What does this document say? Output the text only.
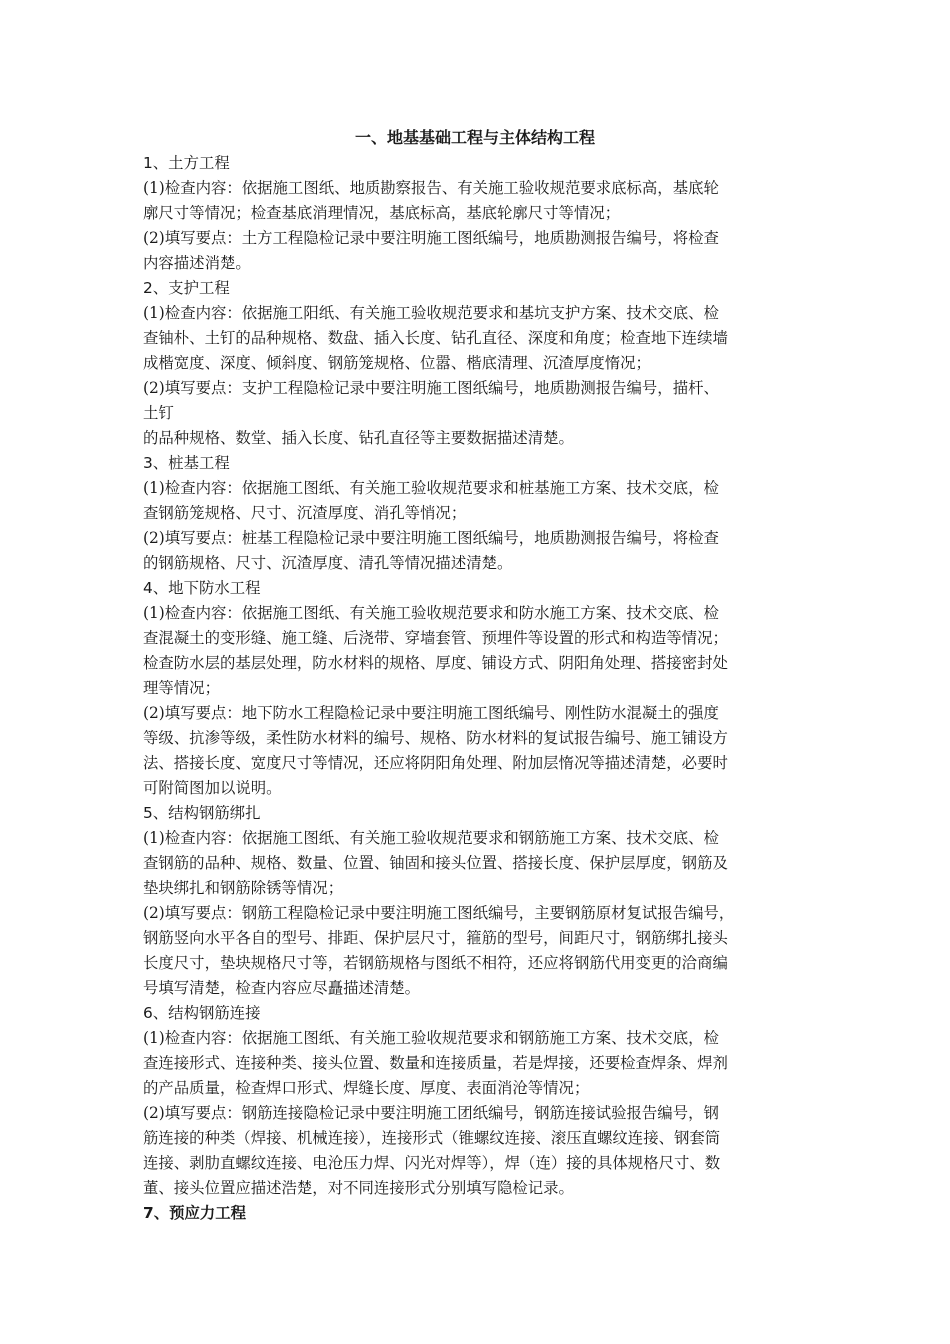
一、地基基础工程与主体结构工程
1、土方工程
(1)检查内容：依据施工图纸、地质勘察报告、有关施工验收规范要求底标高，基底轮
廓尺寸等情况；检查基底消理情况，基底标高，基底轮廓尺寸等情况；
(2)填写要点：土方工程隐检记录中要注明施工图纸编号，地质勘测报告编号，将检查
内容描述消楚。
2、支护工程
(1)检查内容：依据施工阳纸、有关施工验收规范要求和基坑支护方案、技术交底、检
查铀朴、土钉的品种规格、数盘、插入长度、钻孔直径、深度和角度；检查地下连续墙
成楷宽度、深度、倾斜度、钢筋笼规格、位嚣、楷底清理、沉渣厚度惰况；
(2)填写要点：支护工程隐检记录中要注明施工图纸编号，地质勘测报告编号，描杆、
土钉
的品种规格、数堂、插入长度、钻孔直径等主要数据描述清楚。
3、桩基工程
(1)检查内容：依据施工图纸、有关施工验收规范要求和桩基施工方案、技术交底，检
查钢筋笼规格、尺寸、沉渣厚度、消孔等悄况；
(2)填写要点：桩基工程隐检记录中要注明施工图纸编号，地质勘测报告编号，将检查
的钢筋规格、尺寸、沉渣厚度、清孔等情况描述清楚。
4、地下防水工程
(1)检查内容：依据施工图纸、有关施工验收规范要求和防水施工方案、技术交底、检
查混凝土的变形缝、施工缝、后浇带、穿墙套管、预埋件等设置的形式和构造等情况；
检查防水层的基层处理，防水材料的规格、厚度、铺设方式、阴阳角处理、搭接密封处
理等情况；
(2)填写要点：地下防水工程隐检记录中要注明施工图纸编号、刚性防水混凝土的强度
等级、抗渗等级，柔性防水材料的编号、规格、防水材料的复试报告编号、施工铺设方
法、搭接长度、宽度尺寸等情况，还应将阴阳角处理、附加层惰况等描述清楚，必要时
可附简图加以说明。
5、结构钢筋绑扎
(1)检查内容：依据施工图纸、有关施工验收规范要求和钢筋施工方案、技术交底、检
查钢筋的品种、规格、数量、位置、铀固和接头位置、搭接长度、保护层厚度，钢筋及
垫块绑扎和钢筋除锈等情况；
(2)填写要点：钢筋工程隐检记录中要注明施工图纸编号，主要钢筋原材复试报告编号，
钢筋竖向水平各自的型号、排距、保护层尺寸，箍筋的型号，间距尺寸，钢筋绑扎接头
长度尺寸，垫块规格尺寸等，若钢筋规格与图纸不相符，还应将钢筋代用变更的洽商编
号填写清楚，检查内容应尽矗描述清楚。
6、结构钢筋连接
(1)检查内容：依据施工图纸、有关施工验收规范要求和钢筋施工方案、技术交底，检
查连接形式、连接种类、接头位置、数量和连接质量，若是焊接，还要检查焊条、焊剂
的产品质量，检查焊口形式、焊缝长度、厚度、表面消沧等情况；
(2)填写要点：钢筋连接隐检记录中要注明施工团纸编号，钢筋连接试验报告编号，钢
筋连接的种类（焊接、机械连接），连接形式（锥螺纹连接、滚压直螺纹连接、钢套筒
连接、剥肋直螺纹连接、电沧压力焊、闪光对焊等），焊（连）接的具体规格尺寸、数
董、接头位置应描述浩楚，对不同连接形式分别填写隐检记录。
7、预应力工程
